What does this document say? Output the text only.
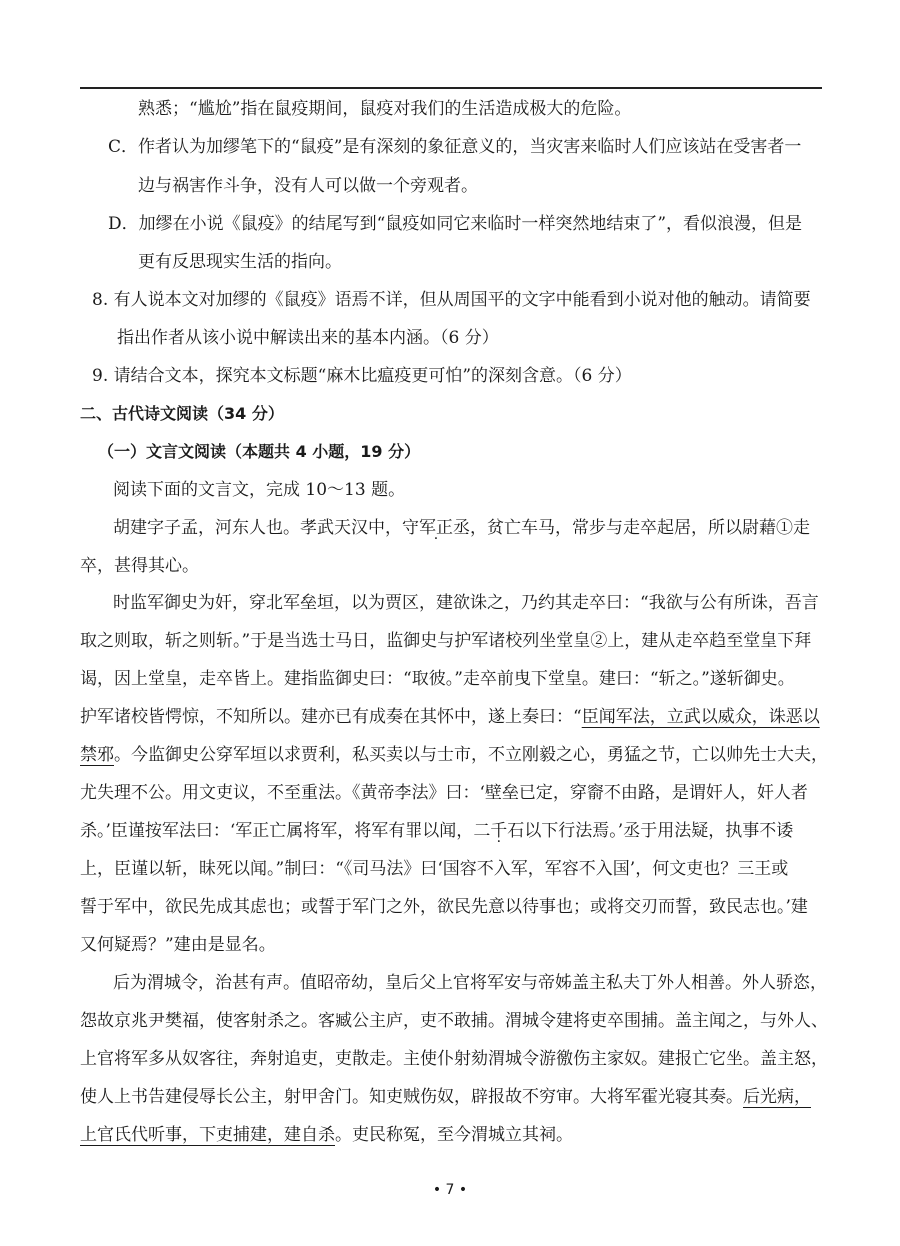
熟悉；“尴尬”指在鼠疫期间，鼠疫对我们的生活造成极大的危险。
C．作者认为加缪笔下的“鼠疫”是有深刻的象征意义的，当灾害来临时人们应该站在受害者一
边与祸害作斗争，没有人可以做一个旁观者。
D．加缪在小说《鼠疫》的结尾写到“鼠疫如同它来临时一样突然地结束了”，看似浪漫，但是
更有反思现实生活的指向。
8. 有人说本文对加缪的《鼠疫》语焉不详，但从周国平的文字中能看到小说对他的触动。请简要
指出作者从该小说中解读出来的基本内涵。（6 分）
9. 请结合文本，探究本文标题“麻木比瘟疫更可怕”的深刻含意。（6 分）
二、古代诗文阅读（34 分）
（一）文言文阅读（本题共 4 小题，19 分）
阅读下面的文言文，完成 10～13 题。
胡建字子孟，河东人也。孝武天汉中，守军正丞，贫亡车马，常步与走卒起居，所以尉藉①走
卒，甚得其心。
时监军御史为奸，穿北军垒垣，以为贾区，建欲诛之，乃约其走卒曰：“我欲与公有所诛，吾言
取之则取，斩之则斩。”于是当选士马日，监御史与护军诸校列坐堂皇②上，建从走卒趋至堂皇下拜
谒，因上堂皇，走卒皆上。建指监御史曰：“取彼。”走卒前曳下堂皇。建曰：“斩之。”遂斩御史。
护军诸校皆愕惊，不知所以。建亦已有成奏在其怀中，遂上奏曰：“臣闻军法，立武以威众，诛恶以
禁邪。今监御史公穿军垣以求贾利，私买卖以与士市，不立刚毅之心，勇猛之节，亡以帅先士大夫，
尤失理不公。用文吏议，不至重法。《黄帝李法》曰：‘壁垒已定，穿窬不由路，是谓奸人，奸人者
杀。’臣谨按军法曰：‘军正亡属将军，将军有罪以闻，二千石以下行法焉。’丞于用法疑，执事不诿
上，臣谨以斩，昧死以闻。”制曰：“《司马法》曰‘国容不入军，军容不入国’，何文吏也？三王或
誓于军中，欲民先成其虑也；或誓于军门之外，欲民先意以待事也；或将交刃而誓，致民志也。’建
又何疑焉？”建由是显名。
后为渭城令，治甚有声。值昭帝幼，皇后父上官将军安与帝姊盖主私夫丁外人相善。外人骄恣，
怨故京兆尹樊福，使客射杀之。客臧公主庐，吏不敢捕。渭城令建将吏卒围捕。盖主闻之，与外人、
上官将军多从奴客往，奔射追吏，吏散走。主使仆射劾渭城令游徼伤主家奴。建报亡它坐。盖主怒，
使人上书告建侵辱长公主，射甲舍门。知吏贼伤奴，辟报故不穷审。大将军霍光寝其奏。后光病，
上官氏代听事，下吏捕建，建自杀。吏民称冤，至今渭城立其祠。
• 7 •
